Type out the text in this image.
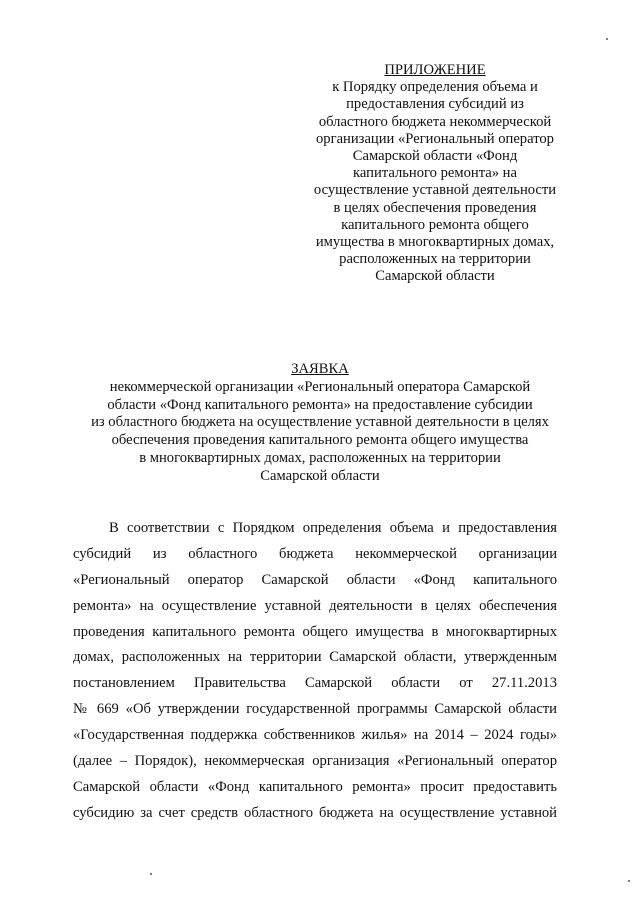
ПРИЛОЖЕНИЕ
к Порядку определения объема и
предоставления субсидий из
областного бюджета некоммерческой
организации «Региональный оператор
Самарской области «Фонд
капитального ремонта» на
осуществление уставной деятельности
в целях обеспечения проведения
капитального ремонта общего
имущества в многоквартирных домах,
расположенных на территории
Самарской области
ЗАЯВКА
некоммерческой организации «Региональный оператора Самарской
области «Фонд капитального ремонта» на предоставление субсидии
из областного бюджета на осуществление уставной деятельности в целях
обеспечения проведения капитального ремонта общего имущества
в многоквартирных домах, расположенных на территории
Самарской области
В соответствии с Порядком определения объема и предоставления
субсидий из областного бюджета некоммерческой организации
«Региональный оператор Самарской области «Фонд капитального
ремонта» на осуществление уставной деятельности в целях обеспечения
проведения капитального ремонта общего имущества в многоквартирных
домах, расположенных на территории Самарской области, утвержденным
постановлением Правительства Самарской области от 27.11.2013
№ 669 «Об утверждении государственной программы Самарской области
«Государственная поддержка собственников жилья» на 2014 – 2024 годы»
(далее – Порядок), некоммерческая организация «Региональный оператор
Самарской области «Фонд капитального ремонта» просит предоставить
субсидию за счет средств областного бюджета на осуществление уставной
